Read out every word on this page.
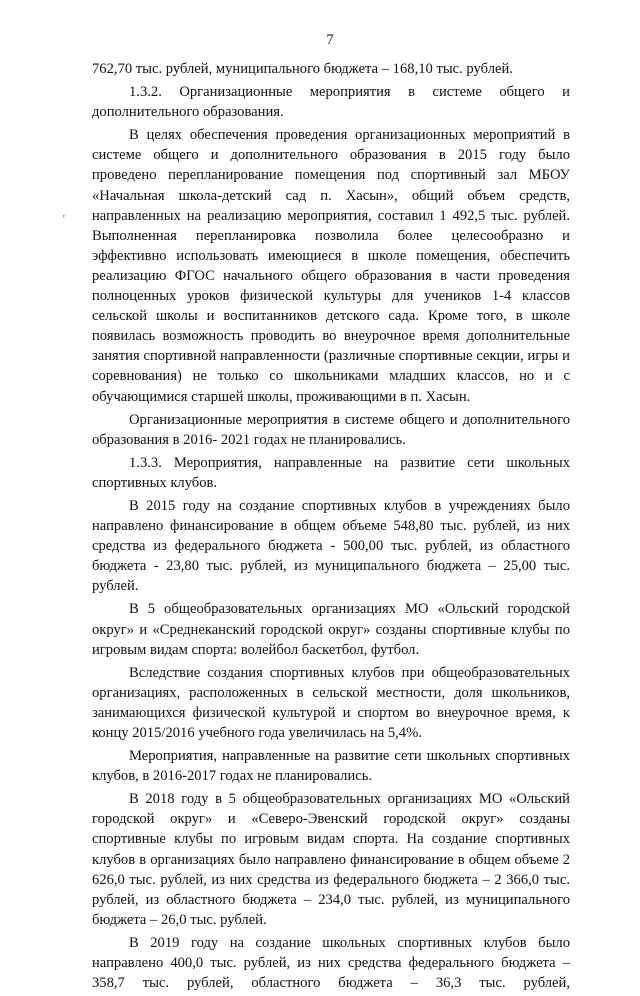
7
'

762,70 тыс. рублей, муниципального бюджета – 168,10 тыс. рублей.

1.3.2. Организационные мероприятия в системе общего и дополнительного образования.

В целях обеспечения проведения организационных мероприятий в системе общего и дополнительного образования в 2015 году было проведено перепланирование помещения под спортивный зал МБОУ «Начальная школа-детский сад п. Хасын», общий объем средств, направленных на реализацию мероприятия, составил 1 492,5 тыс. рублей. Выполненная перепланировка позволила более целесообразно и эффективно использовать имеющиеся в школе помещения, обеспечить реализацию ФГОС начального общего образования в части проведения полноценных уроков физической культуры для учеников 1-4 классов сельской школы и воспитанников детского сада. Кроме того, в школе появилась возможность проводить во внеурочное время дополнительные занятия спортивной направленности (различные спортивные секции, игры и соревнования) не только со школьниками младших классов, но и с обучающимися старшей школы, проживающими в п. Хасын.

Организационные мероприятия в системе общего и дополнительного образования в 2016- 2021 годах не планировались.

1.3.3. Мероприятия, направленные на развитие сети школьных спортивных клубов.

В 2015 году на создание спортивных клубов в учреждениях было направлено финансирование в общем объеме 548,80 тыс. рублей, из них средства из федерального бюджета - 500,00 тыс. рублей, из областного бюджета - 23,80 тыс. рублей, из муниципального бюджета – 25,00 тыс. рублей.

В 5 общеобразовательных организациях МО «Ольский городской округ» и «Среднеканский городской округ» созданы спортивные клубы по игровым видам спорта: волейбол баскетбол, футбол.

Вследствие создания спортивных клубов при общеобразовательных организациях, расположенных в сельской местности, доля школьников, занимающихся физической культурой и спортом во внеурочное время, к концу 2015/2016 учебного года увеличилась на 5,4%.

Мероприятия, направленные на развитие сети школьных спортивных клубов, в 2016-2017 годах не планировались.

В 2018 году в 5 общеобразовательных организациях МО «Ольский городской округ» и «Северо-Эвенский городской округ» созданы спортивные клубы по игровым видам спорта. На создание спортивных клубов в организациях было направлено финансирование в общем объеме 2 626,0 тыс. рублей, из них средства из федерального бюджета – 2 366,0 тыс. рублей, из областного бюджета – 234,0 тыс. рублей, из муниципального бюджета – 26,0 тыс. рублей.

В 2019 году на создание школьных спортивных клубов было направлено 400,0 тыс. рублей, из них средства федерального бюджета – 358,7 тыс. рублей, областного бюджета – 36,3 тыс. рублей,
